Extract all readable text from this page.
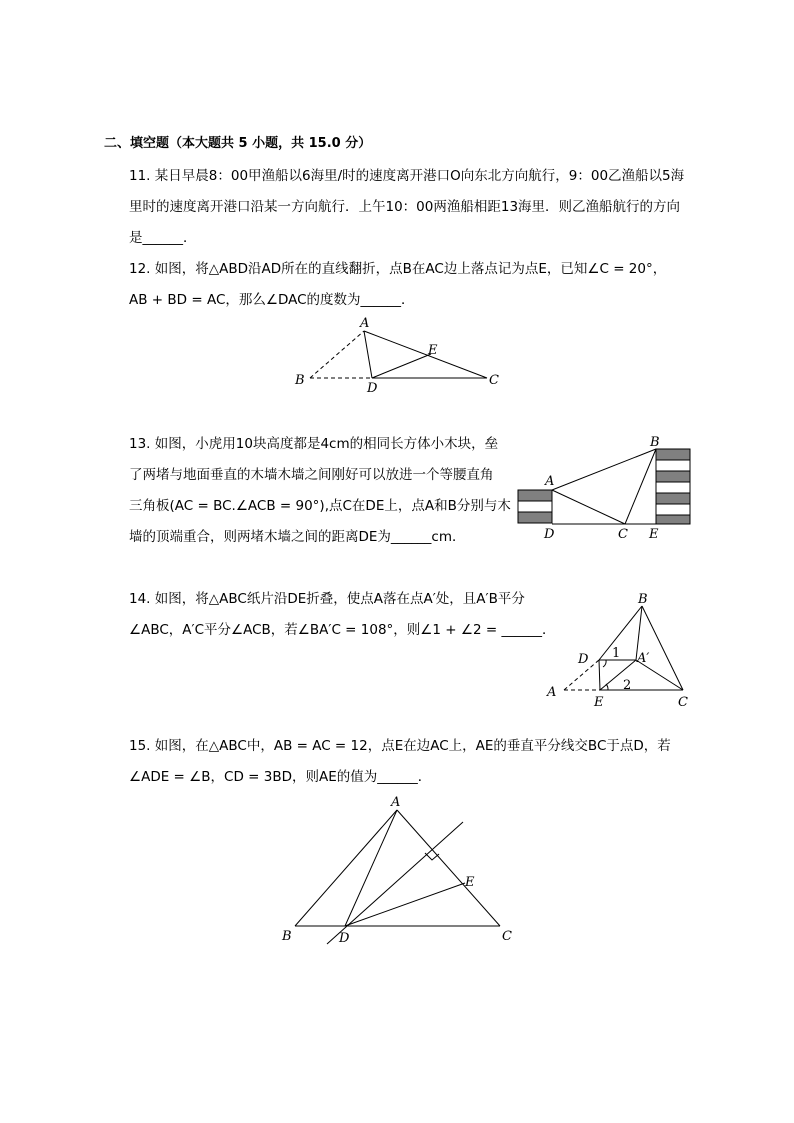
二、填空题（本大题共 5 小题，共 15.0 分）
11. 某日早晨8：00甲渔船以6海里/时的速度离开港口O向东北方向航行，9：00乙渔船以5海
里时的速度离开港口沿某一方向航行．上午10：00两渔船相距13海里．则乙渔船航行的方向
是______．
12. 如图，将△ABD沿AD所在的直线翻折，点B在AC边上落点记为点E，已知∠C = 20°，
AB + BD = AC，那么∠DAC的度数为______．
A
B
D
E
C
13. 如图，小虎用10块高度都是4cm的相同长方体小木块，垒
了两堵与地面垂直的木墙木墙之间刚好可以放进一个等腰直角
三角板(AC = BC.∠ACB = 90°),点C在DE上，点A和B分别与木
墙的顶端重合，则两堵木墙之间的距离DE为______cm．
A
B
D	C E
14. 如图，将△ABC纸片沿DE折叠，使点A落在点A′处，且A′B平分
∠ABC，A′C平分∠ACB，若∠BA′C = 108°，则∠1 + ∠2 = ______．
D
B
1 A′
2
A
E	C
15. 如图，在△ABC中，AB = AC = 12，点E在边AC上，AE的垂直平分线交BC于点D，若
∠ADE = ∠B，CD = 3BD，则AE的值为______．
A
E
B	D	C
